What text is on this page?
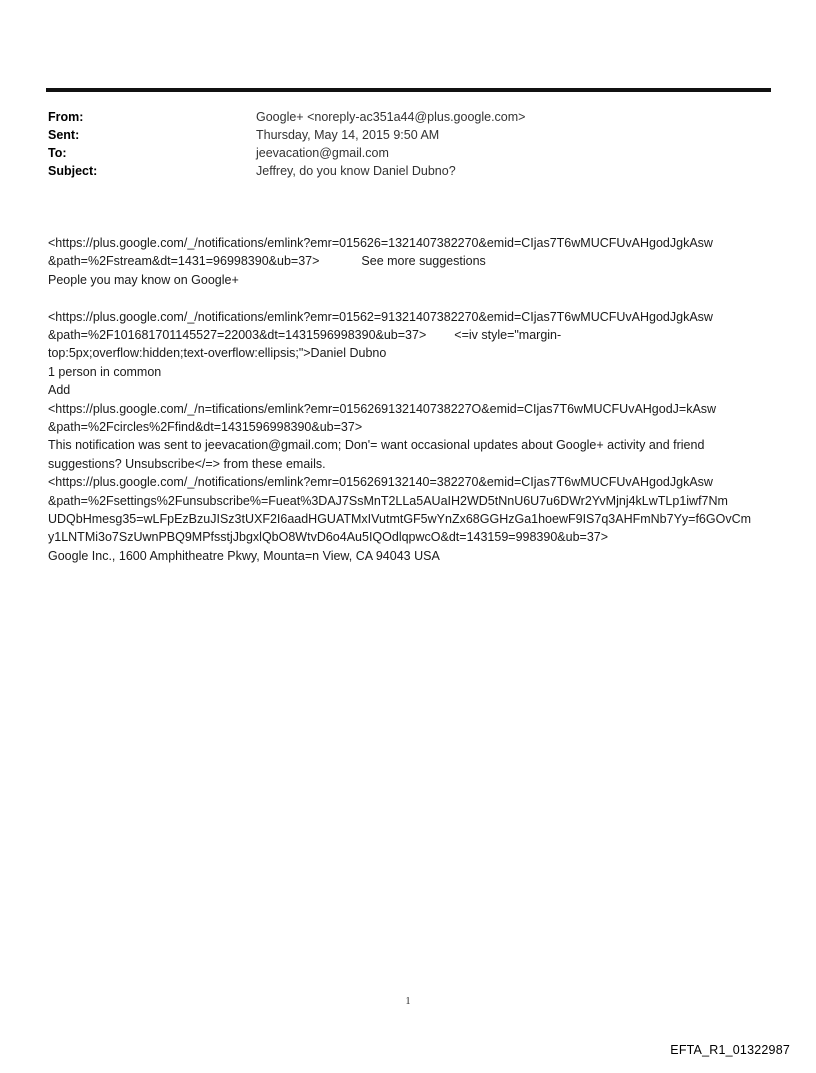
From:	Google+ <noreply-ac351a44@plus.google.com>
Sent:	Thursday, May 14, 2015 9:50 AM
To:	jeevacation@gmail.com
Subject:	Jeffrey, do you know Daniel Dubno?

<https://plus.google.com/_/notifications/emlink?emr=015626=1321407382270&emid=CIjas7T6wMUCFUvAHgodJgkAsw

&path=%2Fstream&dt=1431=96998390&ub=37>	See more suggestions

People you may know on Google+

<https://plus.google.com/_/notifications/emlink?emr=01562=91321407382270&emid=CIjas7T6wMUCFUvAHgodJgkAsw

&path=%2F101681701145527=22003&dt=1431596998390&ub=37> <=iv style="margin-

top:5px;overflow:hidden;text-overflow:ellipsis;">Daniel Dubno

1 person in common

Add

<https://plus.google.com/_/n=tifications/emlink?emr=0156269132140738227O&emid=CIjas7T6wMUCFUvAHgodJ=kAsw

&path=%2Fcircles%2Ffind&dt=1431596998390&ub=37>

This notification was sent to jeevacation@gmail.com; Don'= want occasional updates about Google+ activity and friend

suggestions? Unsubscribe</=> from these emails.

<https://plus.google.com/_/notifications/emlink?emr=0156269132140=382270&emid=CIjas7T6wMUCFUvAHgodJgkAsw

&path=%2Fsettings%2Funsubscribe%=Fueat%3DAJ7SsMnT2LLa5AUaIH2WD5tNnU6U7u6DWr2YvMjnj4kLwTLp1iwf7Nm

UDQbHmesg35=wLFpEzBzuJISz3tUXF2I6aadHGUATMxIVutmtGF5wYnZx68GGHzGa1hoewF9IS7q3AHFmNb7Yy=f6GOvCm

y1LNTMi3o7SzUwnPBQ9MPfsstjJbgxlQbO8WtvD6o4Au5IQOdlqpwcO&dt=143159=998390&ub=37>

Google Inc., 1600 Amphitheatre Pkwy, Mounta=n View, CA 94043 USA

1
EFTA_R1_01322987
